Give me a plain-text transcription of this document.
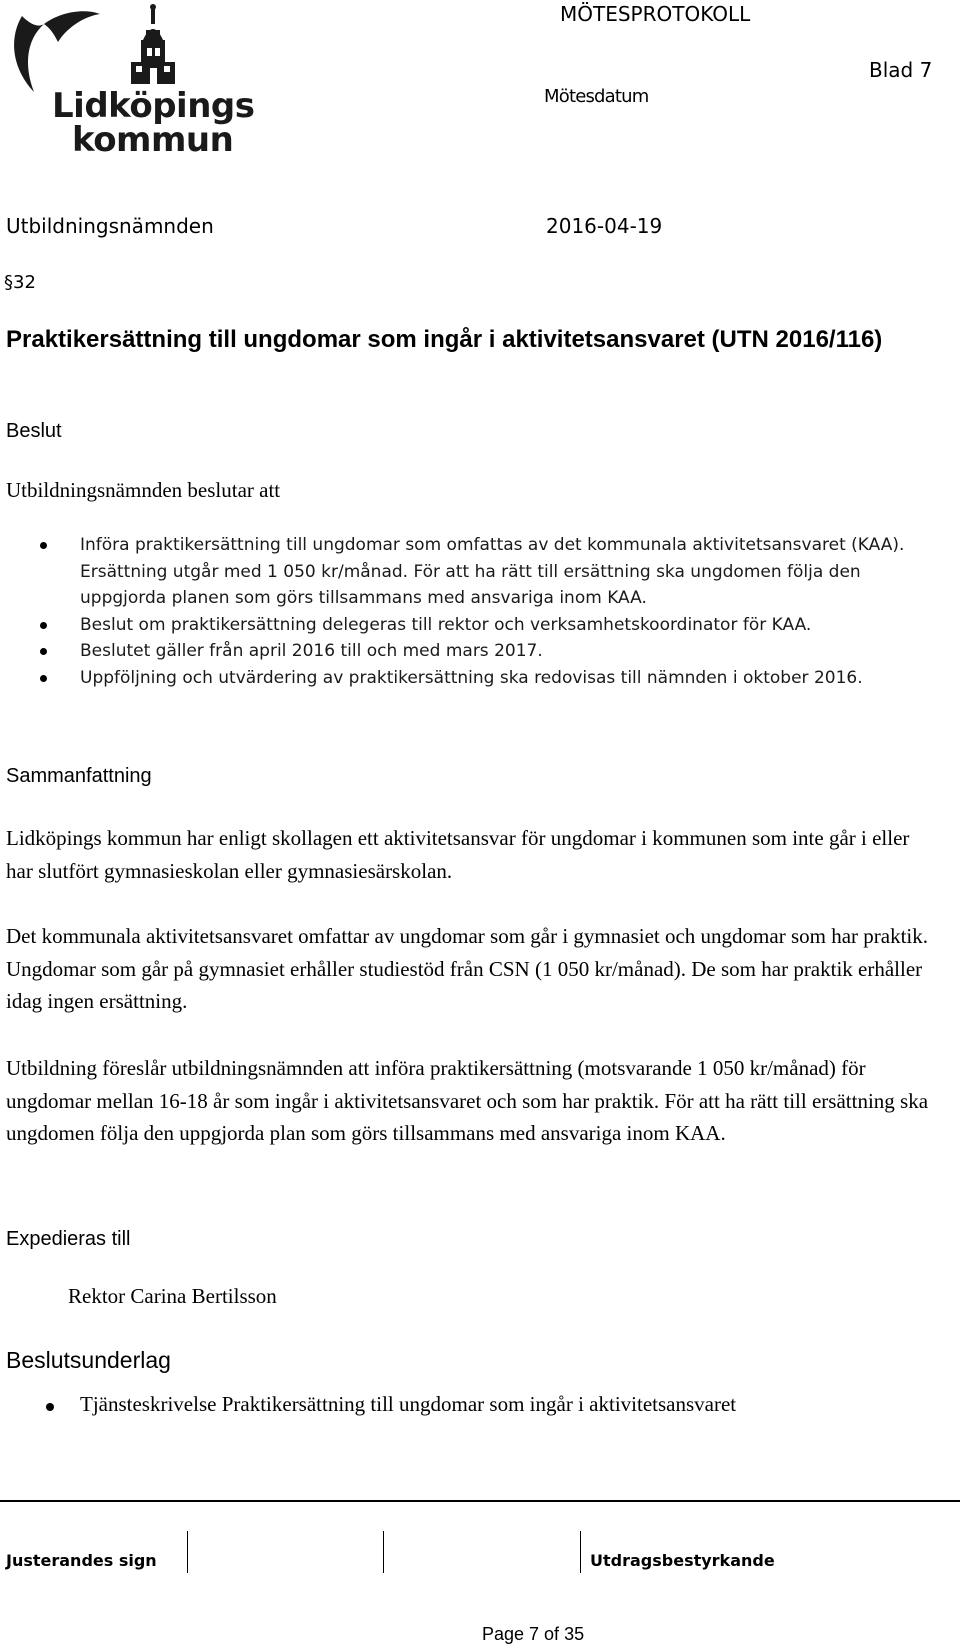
Lidköpings
kommun
MÖTESPROTOKOLL
Blad 7
Mötesdatum
Utbildningsnämnden	2016-04-19
§32
Praktikersättning till ungdomar som ingår i aktivitetsansvaret (UTN 2016/116)
Beslut
Utbildningsnämnden beslutar att
Införa praktikersättning till ungdomar som omfattas av det kommunala aktivitetsansvaret (KAA). Ersättning utgår med 1 050 kr/månad. För att ha rätt till ersättning ska ungdomen följa den uppgjorda planen som görs tillsammans med ansvariga inom KAA.
Beslut om praktikersättning delegeras till rektor och verksamhetskoordinator för KAA.
Beslutet gäller från april 2016 till och med mars 2017.
Uppföljning och utvärdering av praktikersättning ska redovisas till nämnden i oktober 2016.
Sammanfattning
Lidköpings kommun har enligt skollagen ett aktivitetsansvar för ungdomar i kommunen som inte går i eller har slutfört gymnasieskolan eller gymnasiesärskolan.
Det kommunala aktivitetsansvaret omfattar av ungdomar som går i gymnasiet och ungdomar som har praktik. Ungdomar som går på gymnasiet erhåller studiestöd från CSN (1 050 kr/månad). De som har praktik erhåller idag ingen ersättning.
Utbildning föreslår utbildningsnämnden att införa praktikersättning (motsvarande 1 050 kr/månad) för ungdomar mellan 16-18 år som ingår i aktivitetsansvaret och som har praktik. För att ha rätt till ersättning ska ungdomen följa den uppgjorda plan som görs tillsammans med ansvariga inom KAA.
Expedieras till
Rektor Carina Bertilsson
Beslutsunderlag
Tjänsteskrivelse Praktikersättning till ungdomar som ingår i aktivitetsansvaret
Justerandes sign	Utdragsbestyrkande
Page 7 of 35
